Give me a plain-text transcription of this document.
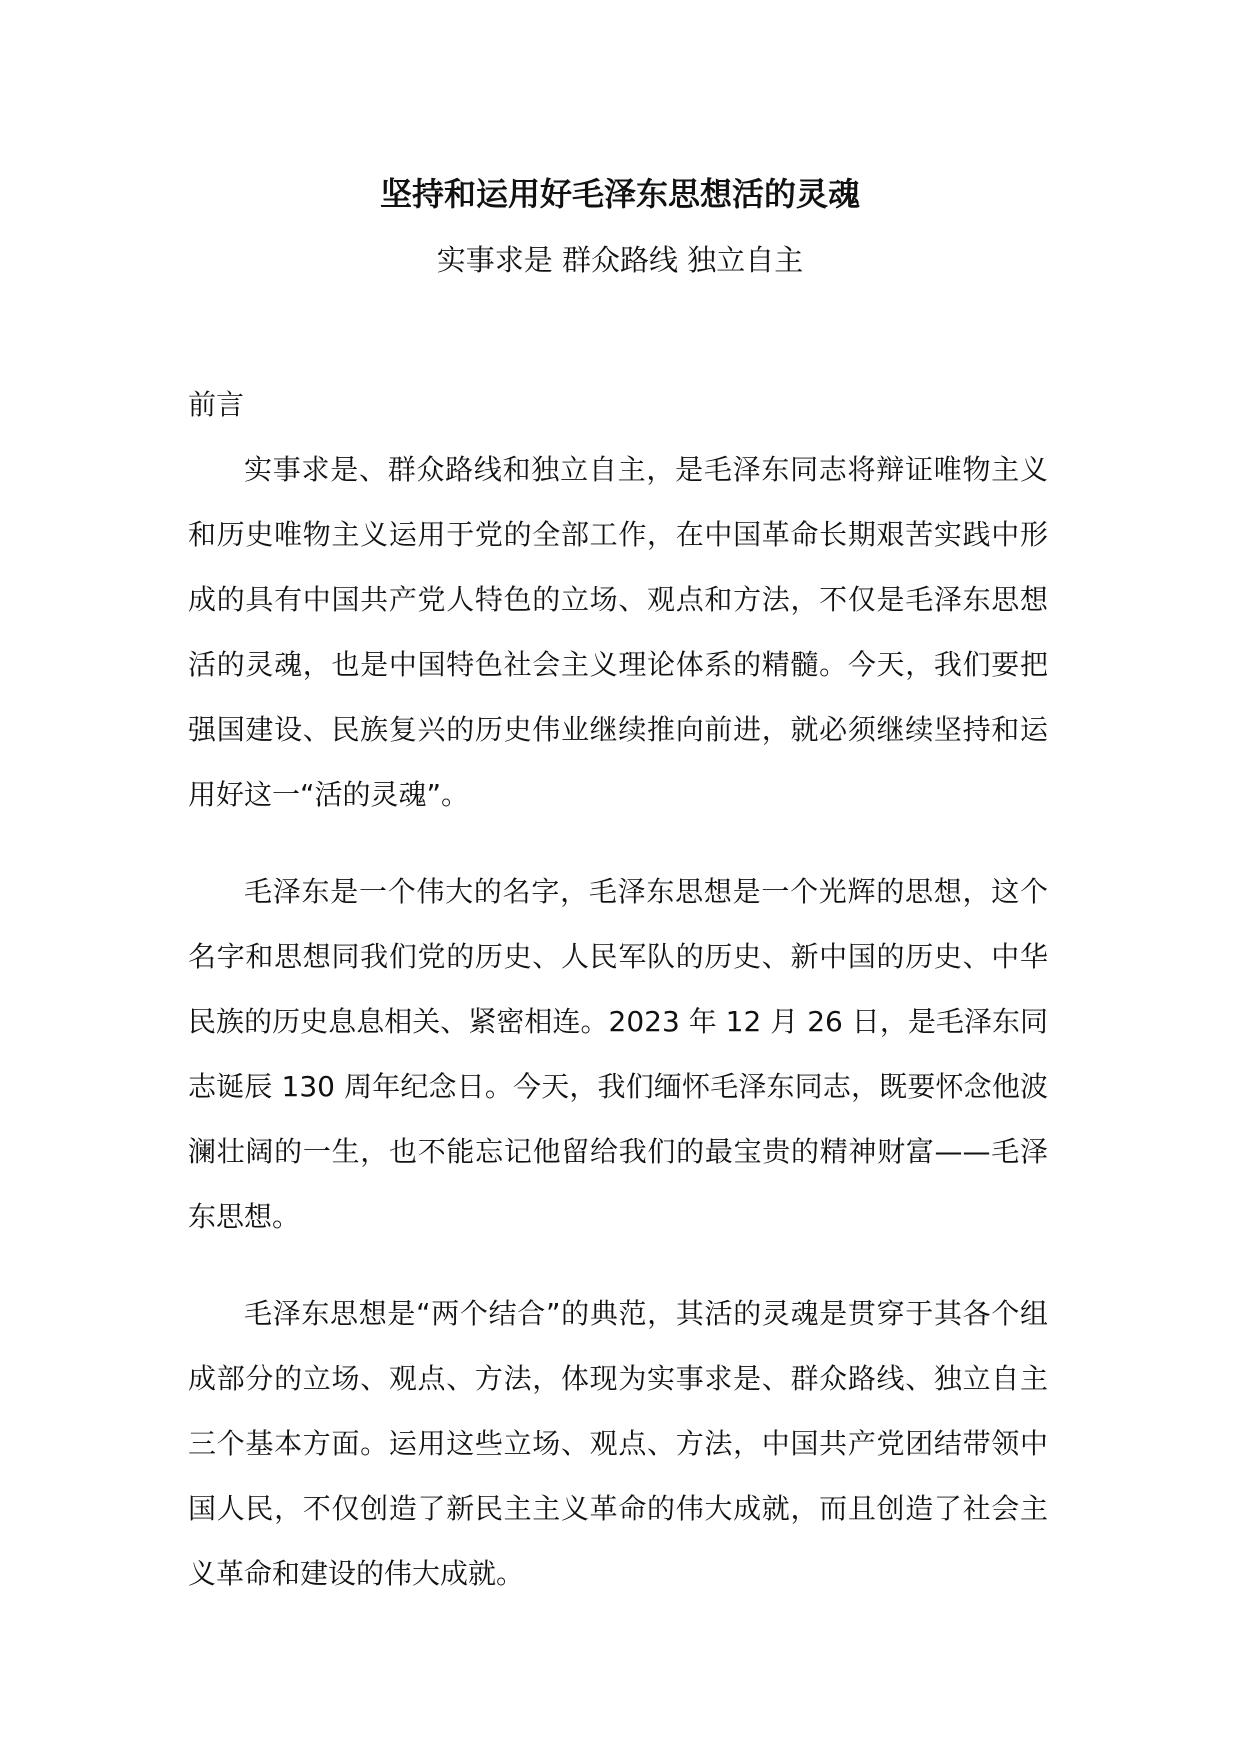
坚持和运用好毛泽东思想活的灵魂
实事求是 群众路线 独立自主
前言

实事求是、群众路线和独立自主，是毛泽东同志将辩证唯物主义和历史唯物主义运用于党的全部工作，在中国革命长期艰苦实践中形成的具有中国共产党人特色的立场、观点和方法，不仅是毛泽东思想活的灵魂，也是中国特色社会主义理论体系的精髓。今天，我们要把强国建设、民族复兴的历史伟业继续推向前进，就必须继续坚持和运用好这一“活的灵魂”。

毛泽东是一个伟大的名字，毛泽东思想是一个光辉的思想，这个名字和思想同我们党的历史、人民军队的历史、新中国的历史、中华民族的历史息息相关、紧密相连。2023 年 12 月 26 日，是毛泽东同志诞辰 130 周年纪念日。今天，我们缅怀毛泽东同志，既要怀念他波澜壮阔的一生，也不能忘记他留给我们的最宝贵的精神财富——毛泽东思想。

毛泽东思想是“两个结合”的典范，其活的灵魂是贯穿于其各个组成部分的立场、观点、方法，体现为实事求是、群众路线、独立自主三个基本方面。运用这些立场、观点、方法，中国共产党团结带领中国人民，不仅创造了新民主主义革命的伟大成就，而且创造了社会主义革命和建设的伟大成就。
